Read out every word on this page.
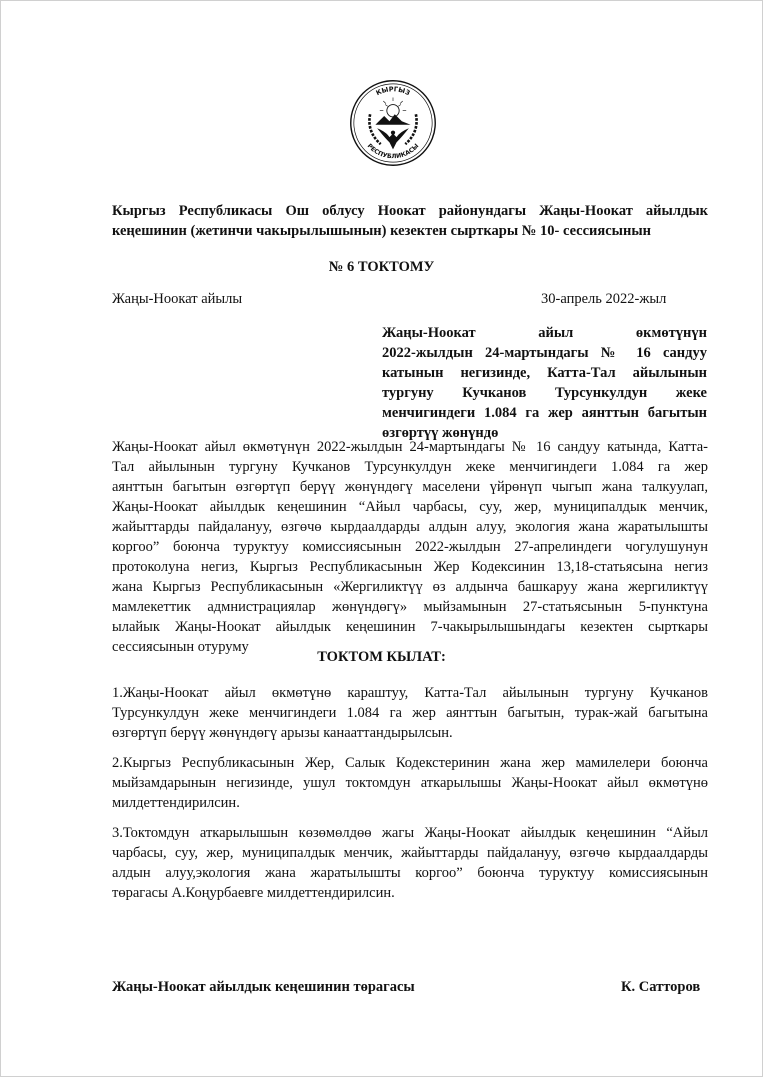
КЫРГЫЗ
РЕСПУБЛИКАСЫ
Кыргыз Республикасы Ош облусу Ноокат районундагы Жаңы-Ноокат айылдык
кеңешинин (жетинчи чакырылышынын) кезектен сырткары № 10- сессиясынын
№ 6 ТОКТОМУ
Жаңы-Ноокат айылы	30-апрель 2022-жыл
Жаңы-Ноокат айыл өкмөтүнүн
2022-жылдын 24-мартындагы № 16 сандуу
катынын негизинде, Катта-Тал айылынын
тургуну Кучканов Турсункулдун жеке
менчигиндеги 1.084 га жер аянттын багытын
өзгөртүү жөнүндө
Жаңы-Ноокат айыл өкмөтүнүн 2022-жылдын 24-мартындагы № 16 сандуу катында, Катта-
Тал айылынын тургуну Кучканов Турсункулдун жеке менчигиндеги 1.084 га жер
аянттын багытын өзгөртүп берүү жөнүндөгү маселени үйрөнүп чыгып жана талкуулап,
Жаңы-Ноокат айылдык кеңешинин “Айыл чарбасы, суу, жер, муниципалдык менчик,
жайыттарды пайдалануу, өзгөчө кырдаалдарды алдын алуу, экология жана жаратылышты
коргоо” боюнча туруктуу комиссиясынын 2022-жылдын 27-апрелиндеги чогулушунун
протоколуна негиз, Кыргыз Республикасынын Жер Кодексинин 13,18-статьясына негиз
жана Кыргыз Республикасынын «Жергиликтүү өз алдынча башкаруу жана жергиликтүү
мамлекеттик адмнистрациялар жөнүндөгү» мыйзамынын 27-статьясынын 5-пунктуна
ылайык Жаңы-Ноокат айылдык кеңешинин 7-чакырылышындагы кезектен сырткары
сессиясынын отуруму
ТОКТОМ КЫЛАТ:
1.Жаңы-Ноокат айыл өкмөтүнө караштуу, Катта-Тал айылынын тургуну Кучканов
Турсункулдун жеке менчигиндеги 1.084 га жер аянттын багытын, турак-жай багытына
өзгөртүп берүү жөнүндөгү арызы канааттандырылсын.
2.Кыргыз Республикасынын Жер, Салык Кодекстеринин жана жер мамилелери боюнча
мыйзамдарынын негизинде, ушул токтомдун аткарылышы Жаңы-Ноокат айыл өкмөтүнө
милдеттендирилсин.
3.Токтомдун аткарылышын көзөмөлдөө жагы Жаңы-Ноокат айылдык кеңешинин “Айыл
чарбасы, суу, жер, муниципалдык менчик, жайыттарды пайдалануу, өзгөчө кырдаалдарды
алдын алуу,экология жана жаратылышты коргоо” боюнча туруктуу комиссиясынын
төрагасы А.Коңурбаевге милдеттендирилсин.
Жаңы-Ноокат айылдык кеңешинин төрагасы	К. Сатторов
